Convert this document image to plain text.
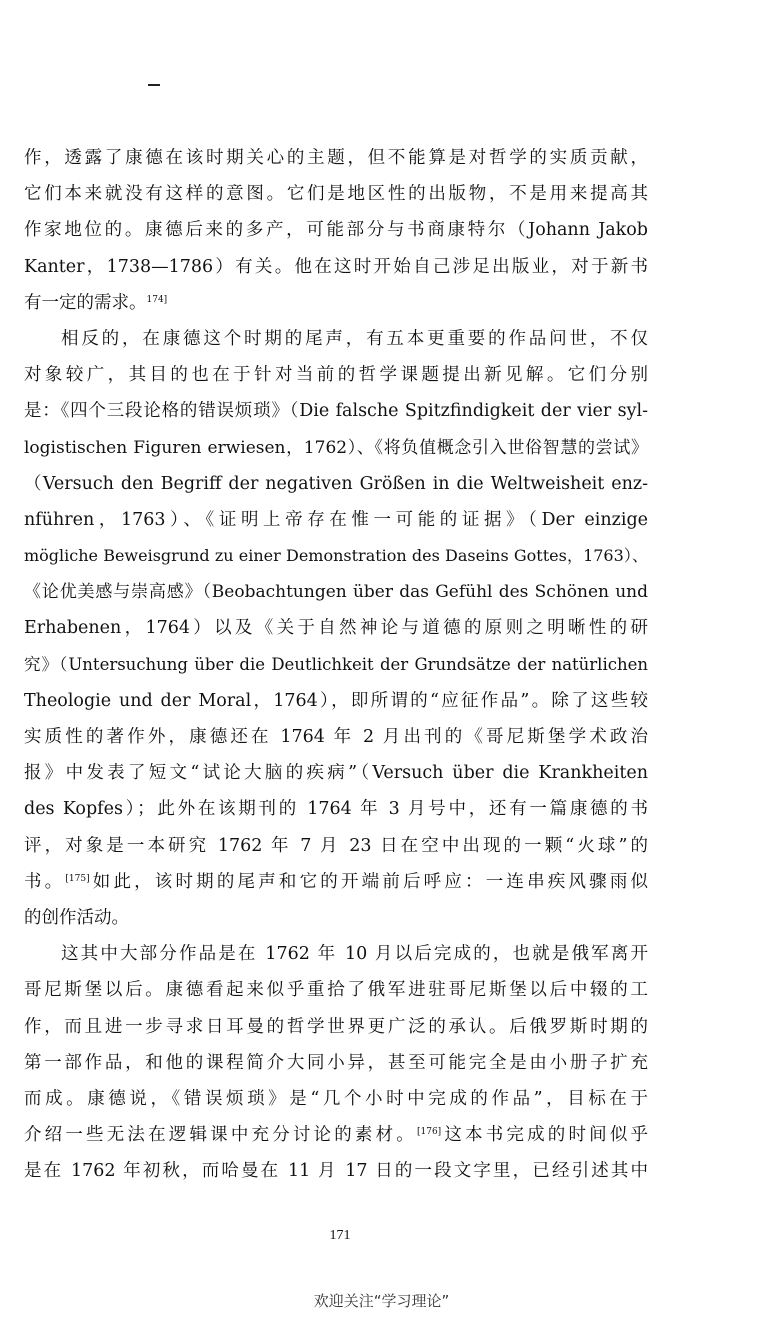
作，透露了康德在该时期关心的主题，但不能算是对哲学的实质贡献，
它们本来就没有这样的意图。它们是地区性的出版物，不是用来提高其
作家地位的。康德后来的多产，可能部分与书商康特尔（Johann Jakob
Kanter，1738—1786）有关。他在这时开始自己涉足出版业，对于新书
有一定的需求。$^{174]}$
相反的，在康德这个时期的尾声，有五本更重要的作品问世，不仅
对象较广，其目的也在于针对当前的哲学课题提出新见解。它们分别
是：《四个三段论格的错误烦琐》（Die falsche Spitzfindigkeit der vier syl-
logistischen Figuren erwiesen，1762）、《将负值概念引入世俗智慧的尝试》
（Versuch den Begriff der negativen Größen in die Weltweisheit enz-
nführen，1763）、《证明上帝存在惟一可能的证据》（Der einzige
mögliche Beweisgrund zu einer Demonstration des Daseins Gottes，1763）、
《论优美感与崇高感》（Beobachtungen über das Gefühl des Schönen und
Erhabenen，1764）以及《关于自然神论与道德的原则之明晰性的研
究》（Untersuchung über die Deutlichkeit der Grundsätze der natürlichen
Theologie und der Moral，1764），即所谓的“应征作品”。除了这些较
实质性的著作外，康德还在 1764 年 2 月出刊的《哥尼斯堡学术政治
报》中发表了短文“试论大脑的疾病”（Versuch über die Krankheiten
des Kopfes）；此外在该期刊的 1764 年 3 月号中，还有一篇康德的书
评，对象是一本研究 1762 年 7 月 23 日在空中出现的一颗“火球”的
书。[175]如此，该时期的尾声和它的开端前后呼应：一连串疾风骤雨似
的创作活动。
这其中大部分作品是在 1762 年 10 月以后完成的，也就是俄军离开
哥尼斯堡以后。康德看起来似乎重拾了俄军进驻哥尼斯堡以后中辍的工
作，而且进一步寻求日耳曼的哲学世界更广泛的承认。后俄罗斯时期的
第一部作品，和他的课程简介大同小异，甚至可能完全是由小册子扩充
而成。康德说，《错误烦琐》是“几个小时中完成的作品”，目标在于
介绍一些无法在逻辑课中充分讨论的素材。[176]这本书完成的时间似乎
是在 1762 年初秋，而哈曼在 11 月 17 日的一段文字里，已经引述其中
171
欢迎关注“学习理论”
